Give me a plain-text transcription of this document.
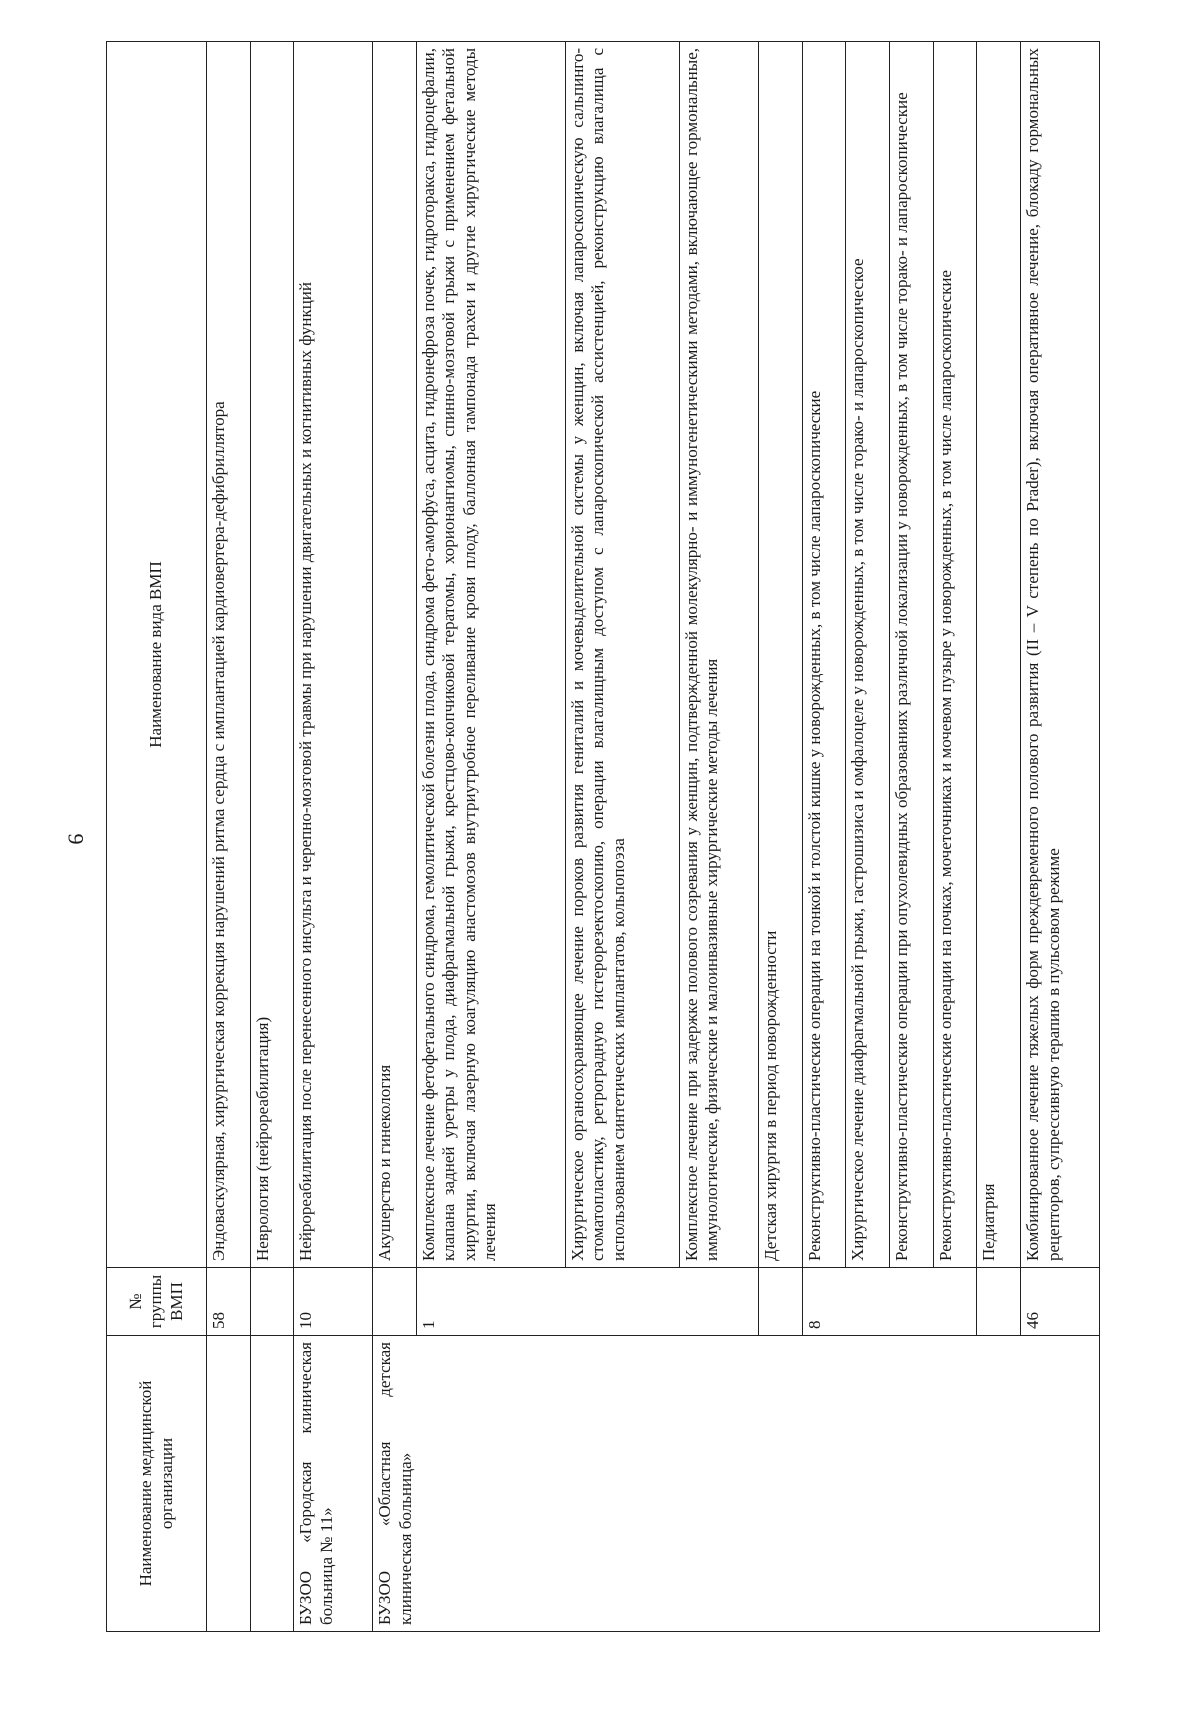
9
Наименование медицинской организации	№ группы ВМП	Наименование вида ВМП
	58	Эндоваскулярная, хирургическая коррекция нарушений ритма сердца с имплантацией кардиовертера-дефибриллятора
		Неврология (нейрореабилитация)
БУЗОО «Городская клиническая больница № 11»	10	Нейрореабилитация после перенесенного инсульта и черепно-мозговой травмы при нарушении двигательных и когнитивных функций
БУЗОО «Областная детская клиническая больница»		Акушерство и гинекология
	1	Комплексное лечение фетофетального синдрома, гемолитической болезни плода, синдрома фето-аморфуса, асцита, гидронефроза почек, гидроторакса, гидроцефалии, клапана задней уретры у плода, диафрагмальной грыжи, крестцово-копчиковой тератомы, хорионангиомы, спинно-мозговой грыжи с применением фетальной хирургии, включая лазерную коагуляцию анастомозов внутриутробное переливание крови плоду, баллонная тампонада трахеи и другие хирургические методы лечения
		Хирургическое органосохраняющее лечение пороков развития гениталий и мочевыделительной системы у женщин, включая лапароскопическую сальпинго-стоматопластику, ретроградную гистерорезектоскопию, операции влагалищным доступом с лапароскопической ассистенцией, реконструкцию влагалища с использованием синтетических имплантатов, кольпопоэза
		Комплексное лечение при задержке полового созревания у женщин, подтвержденной молекулярно- и иммуногенетическими методами, включающее гормональные, иммунологические, физические и малоинвазивные хирургические методы лечения
		Детская хирургия в период новорожденности
	8	Реконструктивно-пластические операции на тонкой и толстой кишке у новорожденных, в том числе лапароскопические
		Хирургическое лечение диафрагмальной грыжи, гастрошизиса и омфалоцеле у новорожденных, в том числе торако- и лапароскопическое
		Реконструктивно-пластические операции при опухолевидных образованиях различной локализации у новорожденных, в том числе торако- и лапароскопические
		Реконструктивно-пластические операции на почках, мочеточниках и мочевом пузыре у новорожденных, в том числе лапароскопические
		Педиатрия
	46	Комбинированное лечение тяжелых форм преждевременного полового развития (II – V степень по Prader), включая оперативное лечение, блокаду гормональных рецепторов, супрессивную терапию в пульсовом режиме
